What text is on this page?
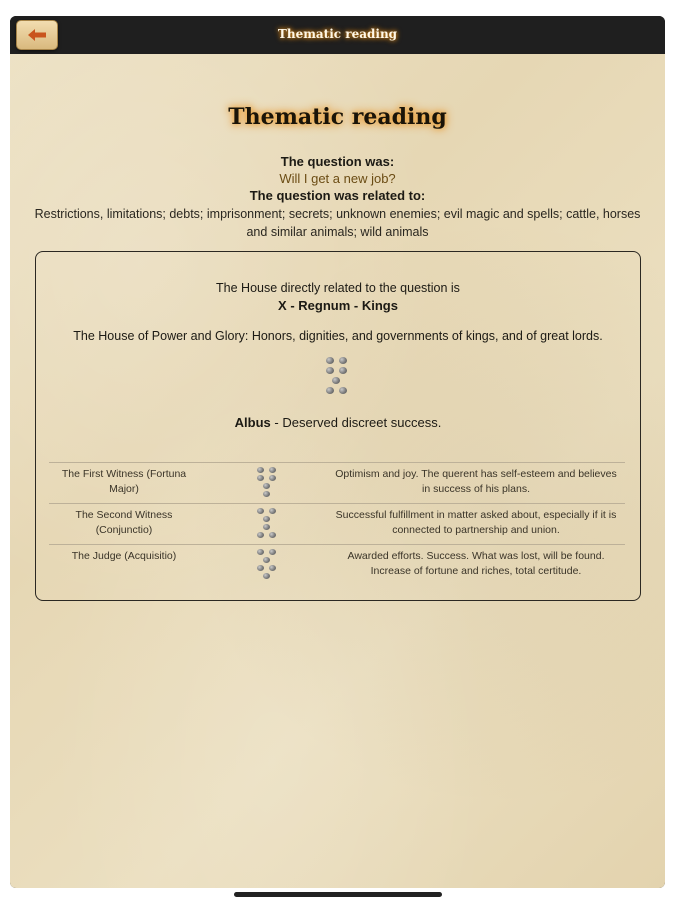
Thematic reading
Thematic reading
The question was:
Will I get a new job?
The question was related to:
Restrictions, limitations; debts; imprisonment; secrets; unknown enemies; evil magic and spells; cattle, horses and similar animals; wild animals
The House directly related to the question is
X - Regnum - Kings
The House of Power and Glory: Honors, dignities, and governments of kings, and of great lords.
Albus - Deserved discreet success.
The First Witness (Fortuna Major)
Optimism and joy. The querent has self-esteem and believes in success of his plans.
The Second Witness (Conjunctio)
Successful fulfillment in matter asked about, especially if it is connected to partnership and union.
The Judge (Acquisitio)	Awarded efforts. Success. What was lost, will be found. Increase of fortune and riches, total certitude.
